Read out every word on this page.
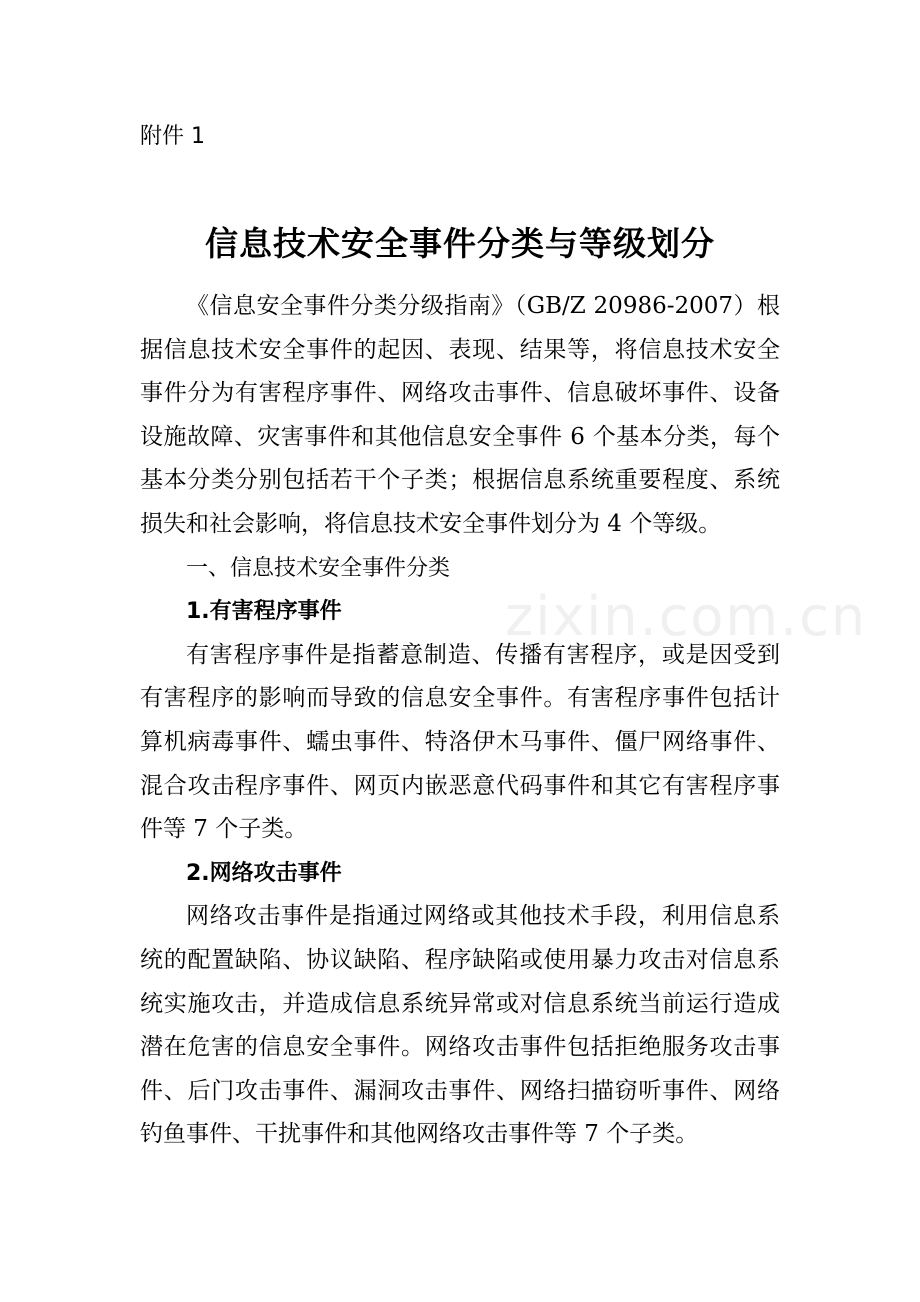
附件 1
信息技术安全事件分类与等级划分
zixin.com.cn

《信息安全事件分类分级指南》（GB/Z 20986-2007）根据信息技术安全事件的起因、表现、结果等，将信息技术安全事件分为有害程序事件、网络攻击事件、信息破坏事件、设备设施故障、灾害事件和其他信息安全事件 6 个基本分类，每个基本分类分别包括若干个子类；根据信息系统重要程度、系统损失和社会影响，将信息技术安全事件划分为 4 个等级。

一、信息技术安全事件分类

1.有害程序事件

有害程序事件是指蓄意制造、传播有害程序，或是因受到有害程序的影响而导致的信息安全事件。有害程序事件包括计算机病毒事件、蠕虫事件、特洛伊木马事件、僵尸网络事件、混合攻击程序事件、网页内嵌恶意代码事件和其它有害程序事件等 7 个子类。

2.网络攻击事件

网络攻击事件是指通过网络或其他技术手段，利用信息系统的配置缺陷、协议缺陷、程序缺陷或使用暴力攻击对信息系统实施攻击，并造成信息系统异常或对信息系统当前运行造成潜在危害的信息安全事件。网络攻击事件包括拒绝服务攻击事件、后门攻击事件、漏洞攻击事件、网络扫描窃听事件、网络钓鱼事件、干扰事件和其他网络攻击事件等 7 个子类。
